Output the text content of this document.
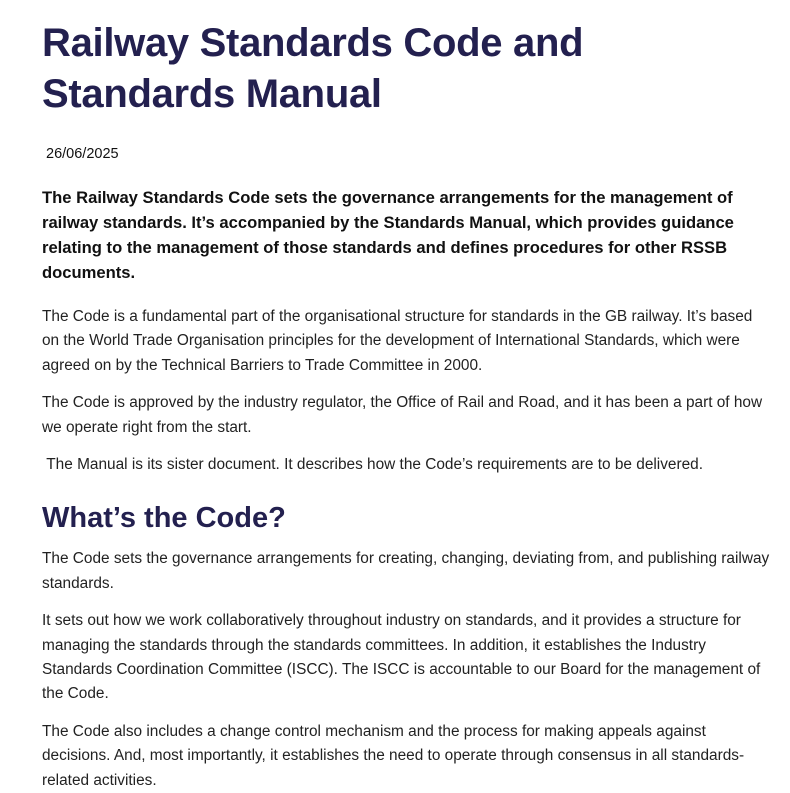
Railway Standards Code and Standards Manual
26/06/2025
The Railway Standards Code sets the governance arrangements for the management of railway standards. It’s accompanied by the Standards Manual, which provides guidance relating to the management of those standards and defines procedures for other RSSB documents.

The Code is a fundamental part of the organisational structure for standards in the GB railway. It’s based on the World Trade Organisation principles for the development of International Standards, which were agreed on by the Technical Barriers to Trade Committee in 2000.

The Code is approved by the industry regulator, the Office of Rail and Road, and it has been a part of how we operate right from the start.

The Manual is its sister document. It describes how the Code’s requirements are to be delivered.

What’s the Code?

The Code sets the governance arrangements for creating, changing, deviating from, and publishing railway standards.

It sets out how we work collaboratively throughout industry on standards, and it provides a structure for managing the standards through the standards committees. In addition, it establishes the Industry Standards Coordination Committee (ISCC). The ISCC is accountable to our Board for the management of the Code.

The Code also includes a change control mechanism and the process for making appeals against decisions. And, most importantly, it establishes the need to operate through consensus in all standards-related activities.
